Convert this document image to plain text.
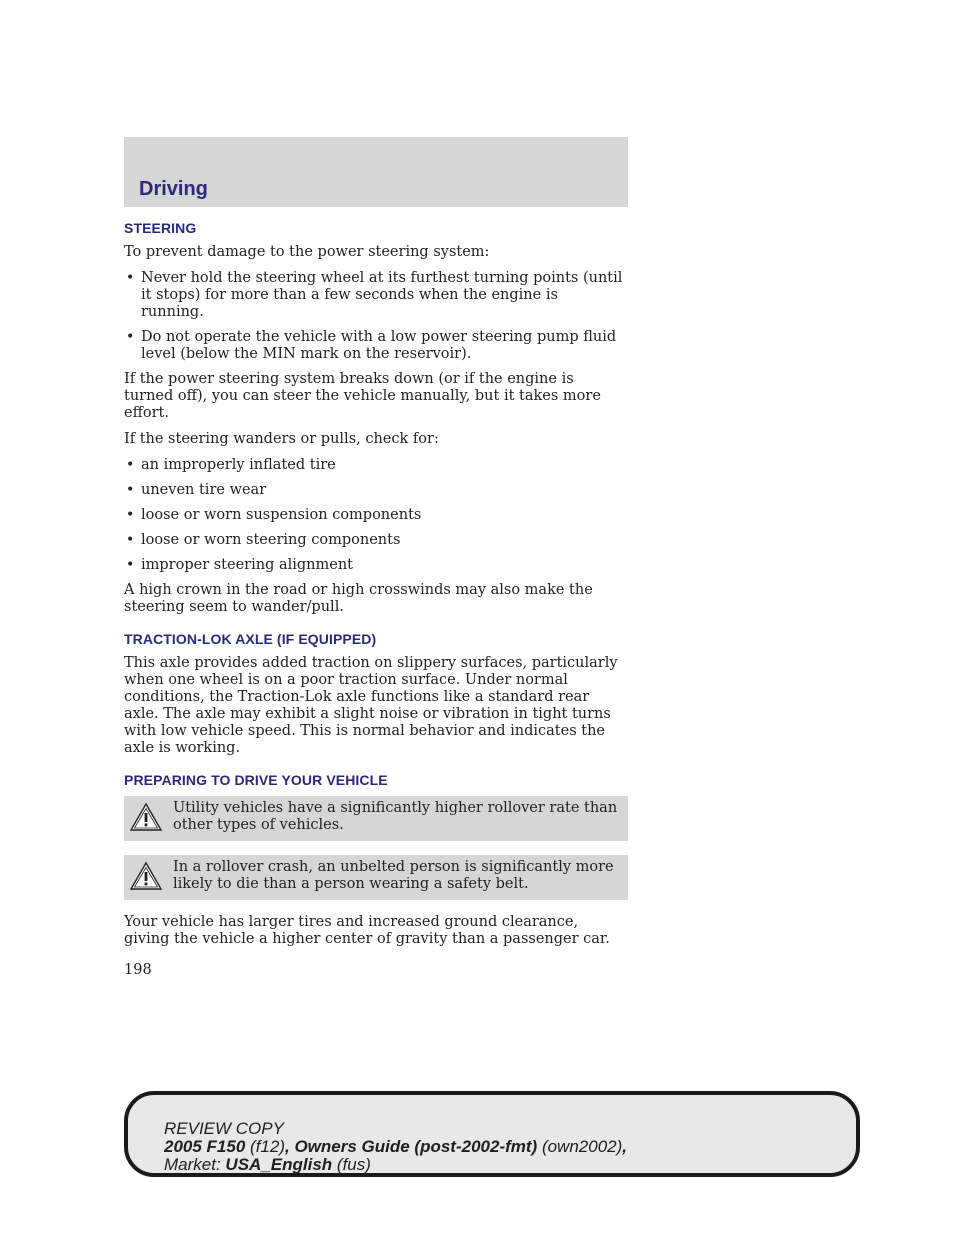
Driving
STEERING

To prevent damage to the power steering system:

• Never hold the steering wheel at its furthest turning points (until it stops) for more than a few seconds when the engine is running.
• Do not operate the vehicle with a low power steering pump fluid level (below the MIN mark on the reservoir).

If the power steering system breaks down (or if the engine is turned off), you can steer the vehicle manually, but it takes more effort.

If the steering wanders or pulls, check for:

• an improperly inflated tire
• uneven tire wear
• loose or worn suspension components
• loose or worn steering components
• improper steering alignment

A high crown in the road or high crosswinds may also make the steering seem to wander/pull.

TRACTION-LOK AXLE (IF EQUIPPED)

This axle provides added traction on slippery surfaces, particularly when one wheel is on a poor traction surface. Under normal conditions, the Traction-Lok axle functions like a standard rear axle. The axle may exhibit a slight noise or vibration in tight turns with low vehicle speed. This is normal behavior and indicates the axle is working.

PREPARING TO DRIVE YOUR VEHICLE
Utility vehicles have a significantly higher rollover rate than other types of vehicles.
In a rollover crash, an unbelted person is significantly more likely to die than a person wearing a safety belt.

Your vehicle has larger tires and increased ground clearance, giving the vehicle a higher center of gravity than a passenger car.

198
REVIEW COPY
2005 F150 (f12), Owners Guide (post-2002-fmt) (own2002),
Market: USA_English (fus)
